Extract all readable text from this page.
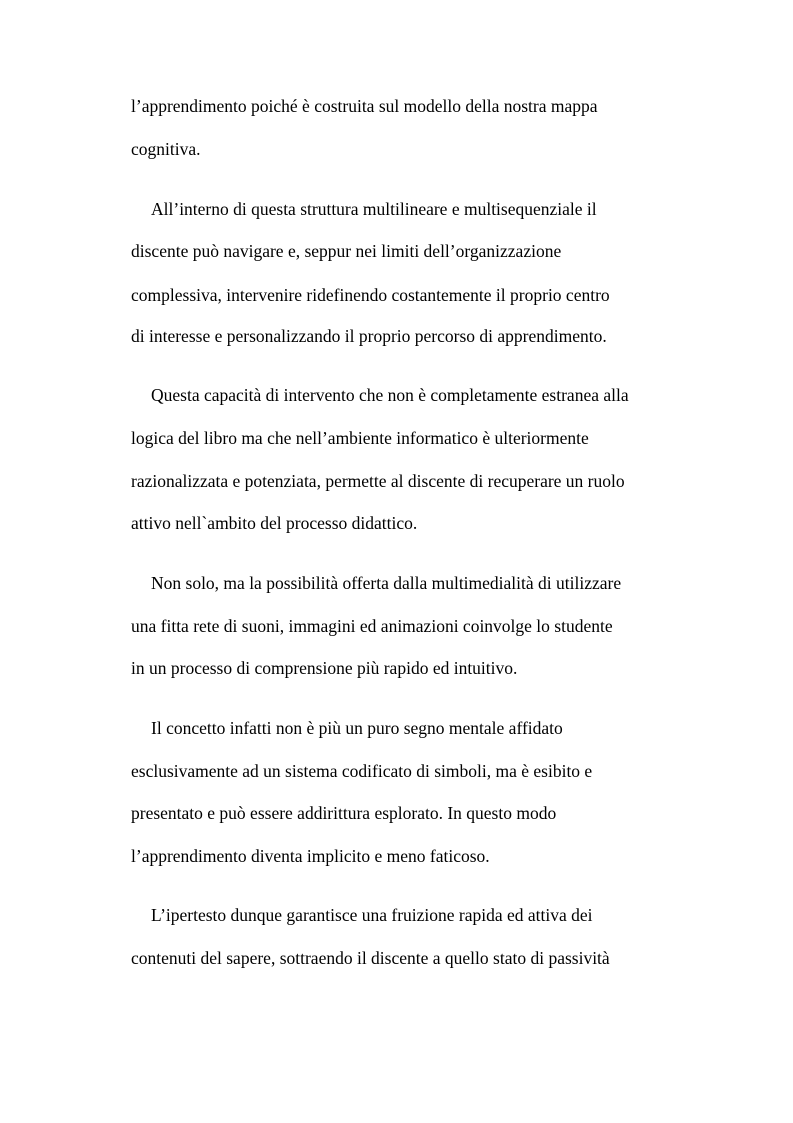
l’apprendimento poiché è costruita sul modello della nostra mappa
cognitiva.
All’interno di questa struttura multilineare e multisequenziale il
discente può navigare e, seppur nei limiti dell’organizzazione
complessiva, intervenire ridefinendo costantemente il proprio centro
di interesse e personalizzando il proprio percorso di apprendimento.
Questa capacità di intervento che non è completamente estranea alla
logica del libro ma che nell’ambiente informatico è ulteriormente
razionalizzata e potenziata, permette al discente di recuperare un ruolo
attivo nell`ambito del processo didattico.
Non solo, ma la possibilità offerta dalla multimedialità di utilizzare
una fitta rete di suoni, immagini ed animazioni coinvolge lo studente
in un processo di comprensione più rapido ed intuitivo.
Il concetto infatti non è più un puro segno mentale affidato
esclusivamente ad un sistema codificato di simboli, ma è esibito e
presentato e può essere addirittura esplorato. In questo modo
l’apprendimento diventa implicito e meno faticoso.
L’ipertesto dunque garantisce una fruizione rapida ed attiva dei
contenuti del sapere, sottraendo il discente a quello stato di passività
